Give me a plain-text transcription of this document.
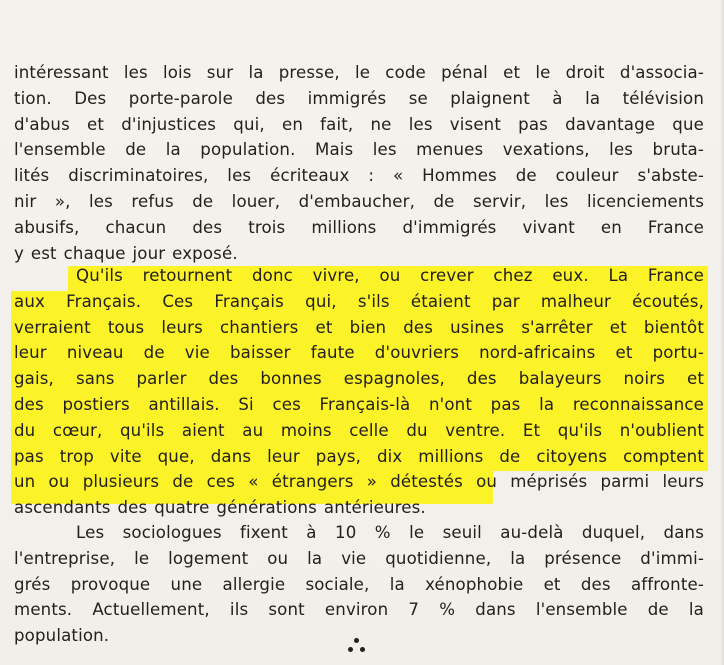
intéressant les lois sur la presse, le code pénal et le droit d'associa-
tion. Des porte-parole des immigrés se plaignent à la télévision
d'abus et d'injustices qui, en fait, ne les visent pas davantage que
l'ensemble de la population. Mais les menues vexations, les bruta-
lités discriminatoires, les écriteaux : « Hommes de couleur s'abste-
nir », les refus de louer, d'embaucher, de servir, les licenciements
abusifs, chacun des trois millions d'immigrés vivant en France
y est chaque jour exposé.
Qu'ils retournent donc vivre, ou crever chez eux. La France
aux Français. Ces Français qui, s'ils étaient par malheur écoutés,
verraient tous leurs chantiers et bien des usines s'arrêter et bientôt
leur niveau de vie baisser faute d'ouvriers nord-africains et portu-
gais, sans parler des bonnes espagnoles, des balayeurs noirs et
des postiers antillais. Si ces Français-là n'ont pas la reconnaissance
du cœur, qu'ils aient au moins celle du ventre. Et qu'ils n'oublient
pas trop vite que, dans leur pays, dix millions de citoyens comptent
un ou plusieurs de ces « étrangers » détestés ou méprisés parmi leurs
ascendants des quatre générations antérieures.
Les sociologues fixent à 10 % le seuil au-delà duquel, dans
l'entreprise, le logement ou la vie quotidienne, la présence d'immi-
grés provoque une allergie sociale, la xénophobie et des affronte-
ments. Actuellement, ils sont environ 7 % dans l'ensemble de la
population.
